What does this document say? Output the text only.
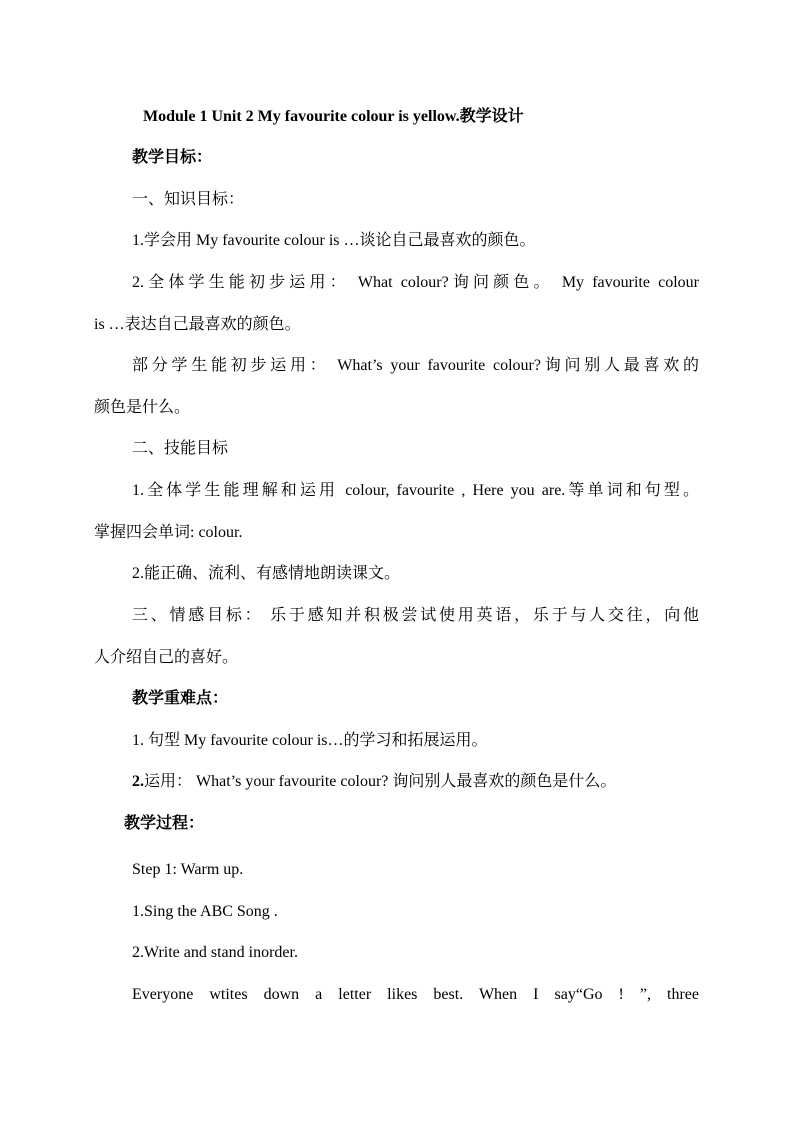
Module 1 Unit 2 My favourite colour is yellow.教学设计
教学目标：
一、知识目标：
1.学会用 My favourite colour is …谈论自己最喜欢的颜色。
2.全体学生能初步运用： What colour?询问颜色。 My favourite colour
is …表达自己最喜欢的颜色。
部分学生能初步运用： What’s your favourite colour?询问别人最喜欢的
颜色是什么。
二、技能目标
1.全体学生能理解和运用 colour, favourite , Here you are.等单词和句型。
掌握四会单词: colour.
2.能正确、流利、有感情地朗读课文。
三、情感目标： 乐于感知并积极尝试使用英语，乐于与人交往，向他
人介绍自己的喜好。
教学重难点：
1. 句型 My favourite colour is…的学习和拓展运用。
2.运用： What’s your favourite colour? 询问别人最喜欢的颜色是什么。
教学过程：
Step 1: Warm up.
1.Sing the ABC Song .
2.Write and stand inorder.
Everyone wtites down a letter likes best. When I say“Go ! ”, three
